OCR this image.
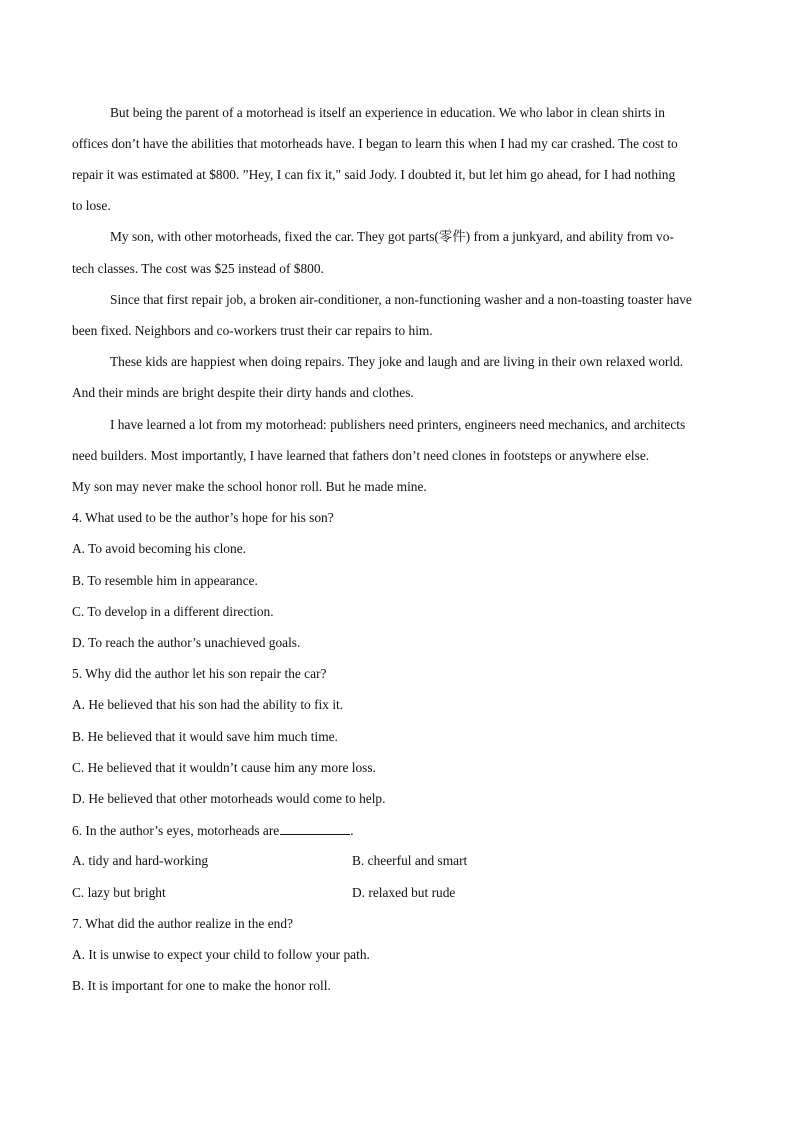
But being the parent of a motorhead is itself an experience in education. We who labor in clean shirts in
offices don’t have the abilities that motorheads have. I began to learn this when I had my car crashed. The cost to
repair it was estimated at $800. ”Hey, I can fix it," said Jody. I doubted it, but let him go ahead, for I had nothing
to lose.
My son, with other motorheads, fixed the car. They got parts(零件) from a junkyard, and ability from vo-
tech classes. The cost was $25 instead of $800.
Since that first repair job, a broken air-conditioner, a non-functioning washer and a non-toasting toaster have
been fixed. Neighbors and co-workers trust their car repairs to him.
These kids are happiest when doing repairs. They joke and laugh and are living in their own relaxed world.
And their minds are bright despite their dirty hands and clothes.
I have learned a lot from my motorhead: publishers need printers, engineers need mechanics, and architects
need builders. Most importantly, I have learned that fathers don’t need clones in footsteps or anywhere else.
My son may never make the school honor roll. But he made mine.
4. What used to be the author’s hope for his son?
A. To avoid becoming his clone.
B. To resemble him in appearance.
C. To develop in a different direction.
D. To reach the author’s unachieved goals.
5. Why did the author let his son repair the car?
A. He believed that his son had the ability to fix it.
B. He believed that it would save him much time.
C. He believed that it wouldn’t cause him any more loss.
D. He believed that other motorheads would come to help.
6. In the author’s eyes, motorheads are	.
A. tidy and hard-working	B. cheerful and smart
C. lazy but bright	D. relaxed but rude
7. What did the author realize in the end?
A. It is unwise to expect your child to follow your path.
B. It is important for one to make the honor roll.
